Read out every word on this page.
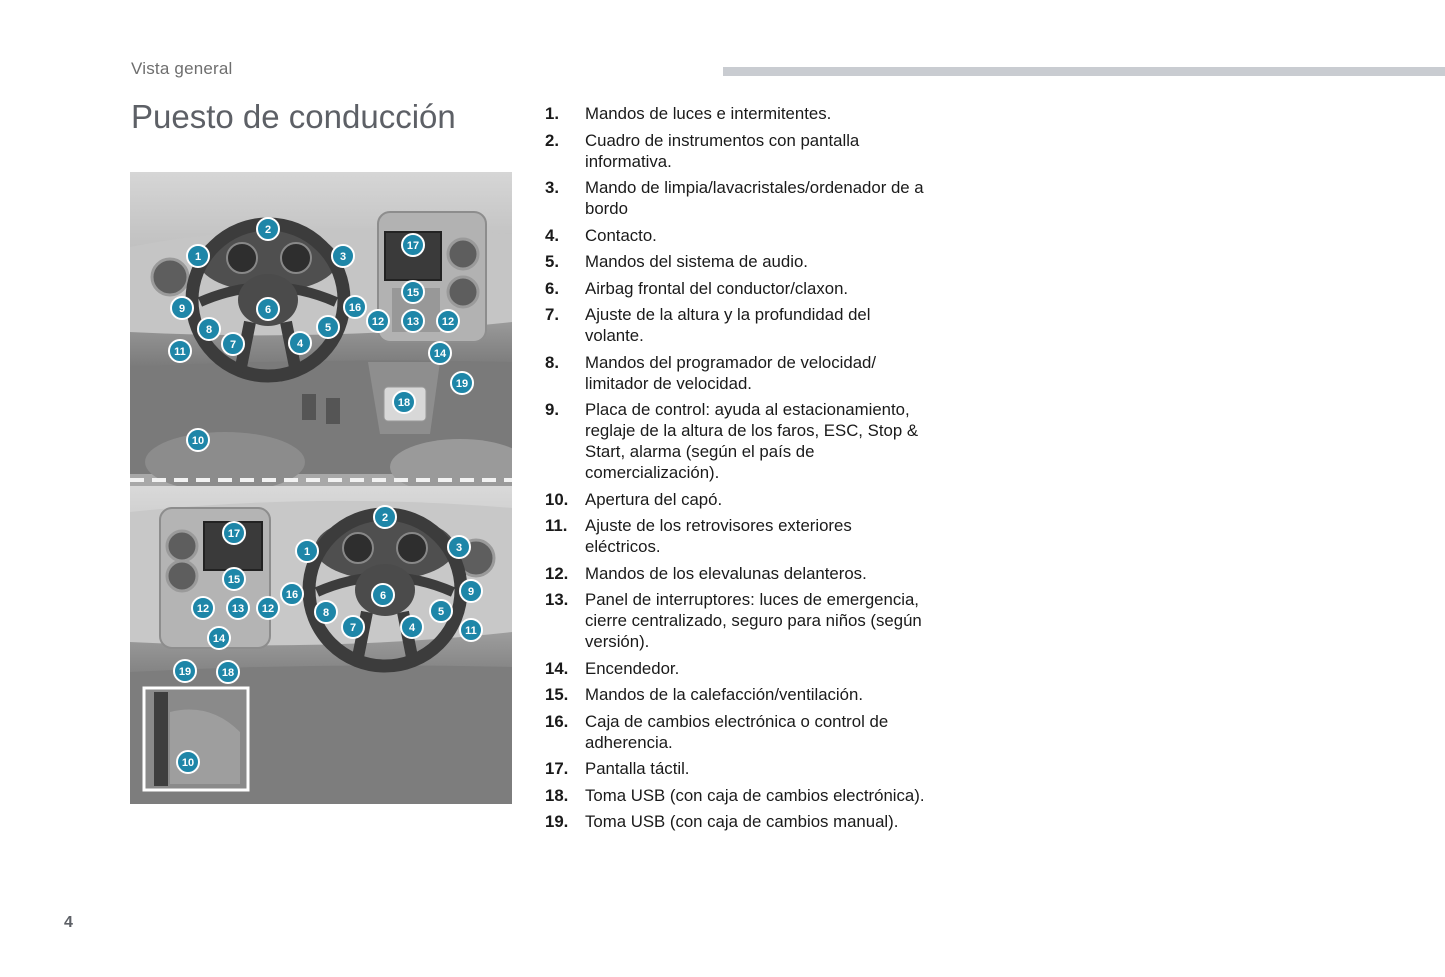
Vista general
Puesto de conducción
1
2
3
4
5
6
7
8
9
10
11
12 13 12
14
15
16
17
18
19
2
1	3
6
5
8
7	4	11
9
12 13 12
15
16
17
14
18
19
10
1.	Mandos de luces e intermitentes.
2.	Cuadro de instrumentos con pantalla informativa.
3.	Mando de limpia/lavacristales/ordenador de a bordo
4.	Contacto.
5.	Mandos del sistema de audio.
6.	Airbag frontal del conductor/claxon.
7.	Ajuste de la altura y la profundidad del volante.
8.	Mandos del programador de velocidad/ limitador de velocidad.
9.	Placa de control: ayuda al estacionamiento, reglaje de la altura de los faros, ESC, Stop & Start, alarma (según el país de comercialización).
10. Apertura del capó.
11.	Ajuste de los retrovisores exteriores eléctricos.
12. Mandos de los elevalunas delanteros.
13. Panel de interruptores: luces de emergencia, cierre centralizado, seguro para niños (según versión).
14. Encendedor.
15. Mandos de la calefacción/ventilación.
16. Caja de cambios electrónica o control de adherencia.
17. Pantalla táctil.
18. Toma USB (con caja de cambios electrónica).
19. Toma USB (con caja de cambios manual).
4
